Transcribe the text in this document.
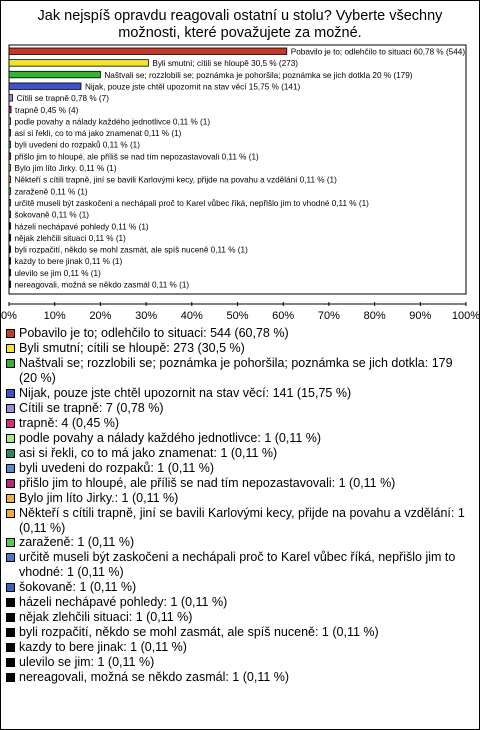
Jak nejspíš opravdu reagovali ostatní u stolu? Vyberte všechny možnosti, které považujete za možné.
Pobavilo je to; odlehčilo to situaci 60,78 % (544)
Byli smutní; cítili se hloupě 30,5 % (273)
Naštvali se; rozzlobili se; poznámka je pohoršila; poznámka se jich dotkla 20 % (179)
Nijak, pouze jste chtěl upozornit na stav věcí 15,75 % (141)
Cítili se trapně 0,78 % (7)
trapně 0,45 % (4)
podle povahy a nálady každého jednotlivce 0,11 % (1)
asi si řekli, co to má jako znamenat 0,11 % (1)
byli uvedeni do rozpaků 0,11 % (1)
přišlo jim to hloupé, ale příliš se nad tím nepozastavovali 0,11 % (1)
Bylo jim líto Jirky. 0,11 % (1)
Někteří s cítili trapně, jiní se bavili Karlovými kecy, přijde na povahu a vzdělání 0,11 % (1)
zaraženě 0,11 % (1)
určitě museli být zaskočeni a nechápali proč to Karel vůbec říká, nepřišlo jim to vhodné 0,11 % (1)
šokovaně 0,11 % (1)
házeli nechápavé pohledy 0,11 % (1)
nějak zlehčili situaci 0,11 % (1)
byli rozpačití, někdo se mohl zasmát, ale spíš nuceně 0,11 % (1)
kazdy to bere jinak 0,11 % (1)
ulevilo se jim 0,11 % (1)
nereagovali, možná se někdo zasmál 0,11 % (1)
0% 10% 20% 30% 40% 50% 60% 70% 80% 90% 100%
Pobavilo je to; odlehčilo to situaci: 544 (60,78 %)
Byli smutní; cítili se hloupě: 273 (30,5 %)
Naštvali se; rozzlobili se; poznámka je pohoršila; poznámka se jich dotkla: 179 (20 %)
Nijak, pouze jste chtěl upozornit na stav věcí: 141 (15,75 %)
Cítili se trapně: 7 (0,78 %)
trapně: 4 (0,45 %)
podle povahy a nálady každého jednotlivce: 1 (0,11 %)
asi si řekli, co to má jako znamenat: 1 (0,11 %)
byli uvedeni do rozpaků: 1 (0,11 %)
přišlo jim to hloupé, ale příliš se nad tím nepozastavovali: 1 (0,11 %)
Bylo jim líto Jirky.: 1 (0,11 %)
Někteří s cítili trapně, jiní se bavili Karlovými kecy, přijde na povahu a vzdělání: 1 (0,11 %)
zaraženě: 1 (0,11 %)
určitě museli být zaskočeni a nechápali proč to Karel vůbec říká, nepřišlo jim to vhodné: 1 (0,11 %)
šokovaně: 1 (0,11 %)
házeli nechápavé pohledy: 1 (0,11 %)
nějak zlehčili situaci: 1 (0,11 %)
byli rozpačití, někdo se mohl zasmát, ale spíš nuceně: 1 (0,11 %)
kazdy to bere jinak: 1 (0,11 %)
ulevilo se jim: 1 (0,11 %)
nereagovali, možná se někdo zasmál: 1 (0,11 %)
